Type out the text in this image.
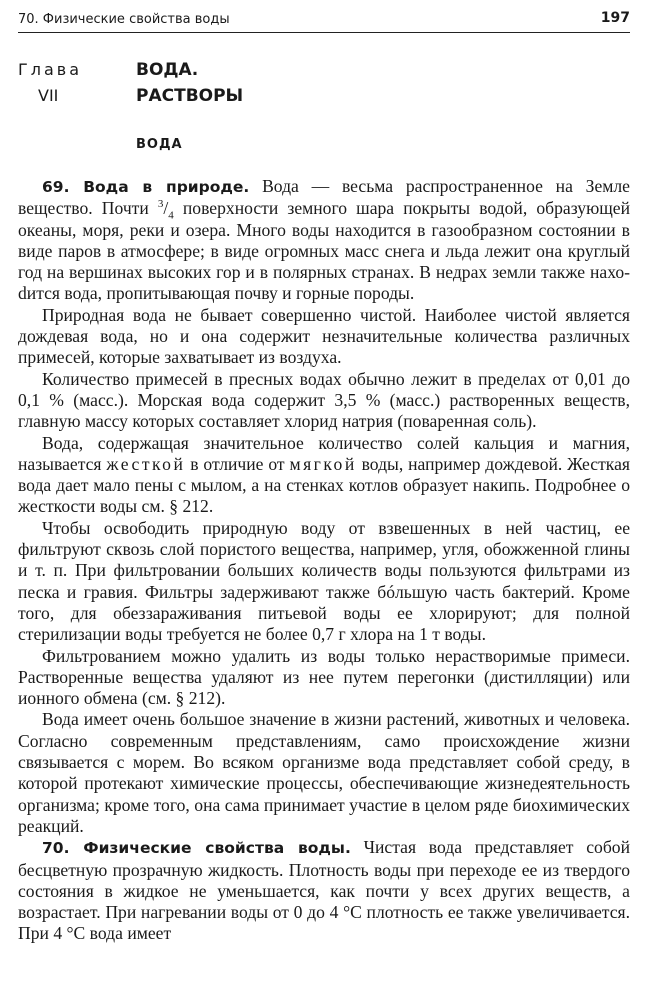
70. Физические свойства воды	197
Глава
VII
ВОДА.
РАСТВОРЫ
ВОДА

69. Вода в природе. Вода — весьма распространенное на Земле вещество. Почти $^3/_4$ поверхности земного шара покрыты водой, образующей океаны, моря, реки и озера. Много воды находится в газообразном состоянии в виде паров в атмосфере; в виде огромных масс снега и льда лежит она круглый год на вершинах высоких гор и в полярных странах. В недрах земли также нахоdится вода, пропитывающая почву и горные породы.

Природная вода не бывает совершенно чистой. Наиболее чистой является дождевая вода, но и она содержит незначительные количества различных примесей, которые захватывает из воздуха.

Количество примесей в пресных водах обычно лежит в пределах от 0,01 до 0,1 % (масс.). Морская вода содержит 3,5 % (масс.) растворенных веществ, главную массу которых составляет хлорид натрия (поваренная соль).

Вода, содержащая значительное количество солей кальция и магния, называется жесткой в отличие от мягкой воды, например дождевой. Жесткая вода дает мало пены с мылом, а на стенках котлов образует накипь. Подробнее о жесткости воды см. § 212.

Чтобы освободить природную воду от взвешенных в ней частиц, ее фильтруют сквозь слой пористого вещества, например, угля, обожженной глины и т. п. При фильтровании больших количеств воды пользуются фильтрами из песка и гравия. Фильтры задерживают также бóльшую часть бактерий. Кроме того, для обеззараживания питьевой воды ее хлорируют; для полной стерилизации воды требуется не более 0,7 г хлора на 1 т воды.

Фильтрованием можно удалить из воды только нерастворимые примеси. Растворенные вещества удаляют из нее путем перегонки (дистилляции) или ионного обмена (см. § 212).

Вода имеет очень большое значение в жизни растений, животных и человека. Согласно современным представлениям, само происхождение жизни связывается с морем. Во всяком организме вода представляет собой среду, в которой протекают химические процессы, обеспечивающие жизнедеятельность организма; кроме того, она сама принимает участие в целом ряде биохимических реакций.

70. Физические свойства воды. Чистая вода представляет собой бесцветную прозрачную жидкость. Плотность воды при переходе ее из твердого состояния в жидкое не уменьшается, как почти у всех других веществ, а возрастает. При нагревании воды от 0 до 4 °С плотность ее также увеличивается. При 4 °С вода имеет
